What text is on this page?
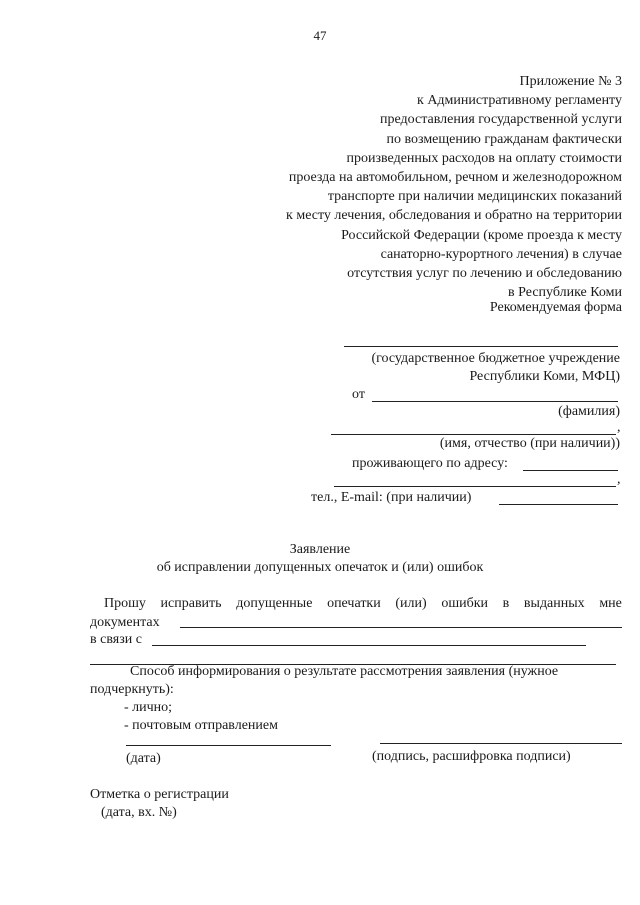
47
Приложение № 3
к Административному регламенту
предоставления государственной услуги
по возмещению гражданам фактически
произведенных расходов на оплату стоимости
проезда на автомобильном, речном и железнодорожном
транспорте при наличии медицинских показаний
к месту лечения, обследования и обратно на территории
Российской Федерации (кроме проезда к месту
санаторно-курортного лечения) в случае
отсутствия услуг по лечению и обследованию
в Республике Коми
Рекомендуемая форма
(государственное бюджетное учреждение
Республики Коми, МФЦ)
от
(фамилия)
,
(имя, отчество (при наличии))
проживающего по адресу:
,
тел., E-mail: (при наличии)
Заявление
об исправлении допущенных опечаток и (или) ошибок
Прошу исправить допущенные опечатки (или) ошибки в выданных мне
документах
в связи с
Способ информирования о результате рассмотрения заявления (нужное
подчеркнуть):
- лично;
- почтовым отправлением
(дата)	(подпись, расшифровка подписи)
Отметка о регистрации
(дата, вх. №)
